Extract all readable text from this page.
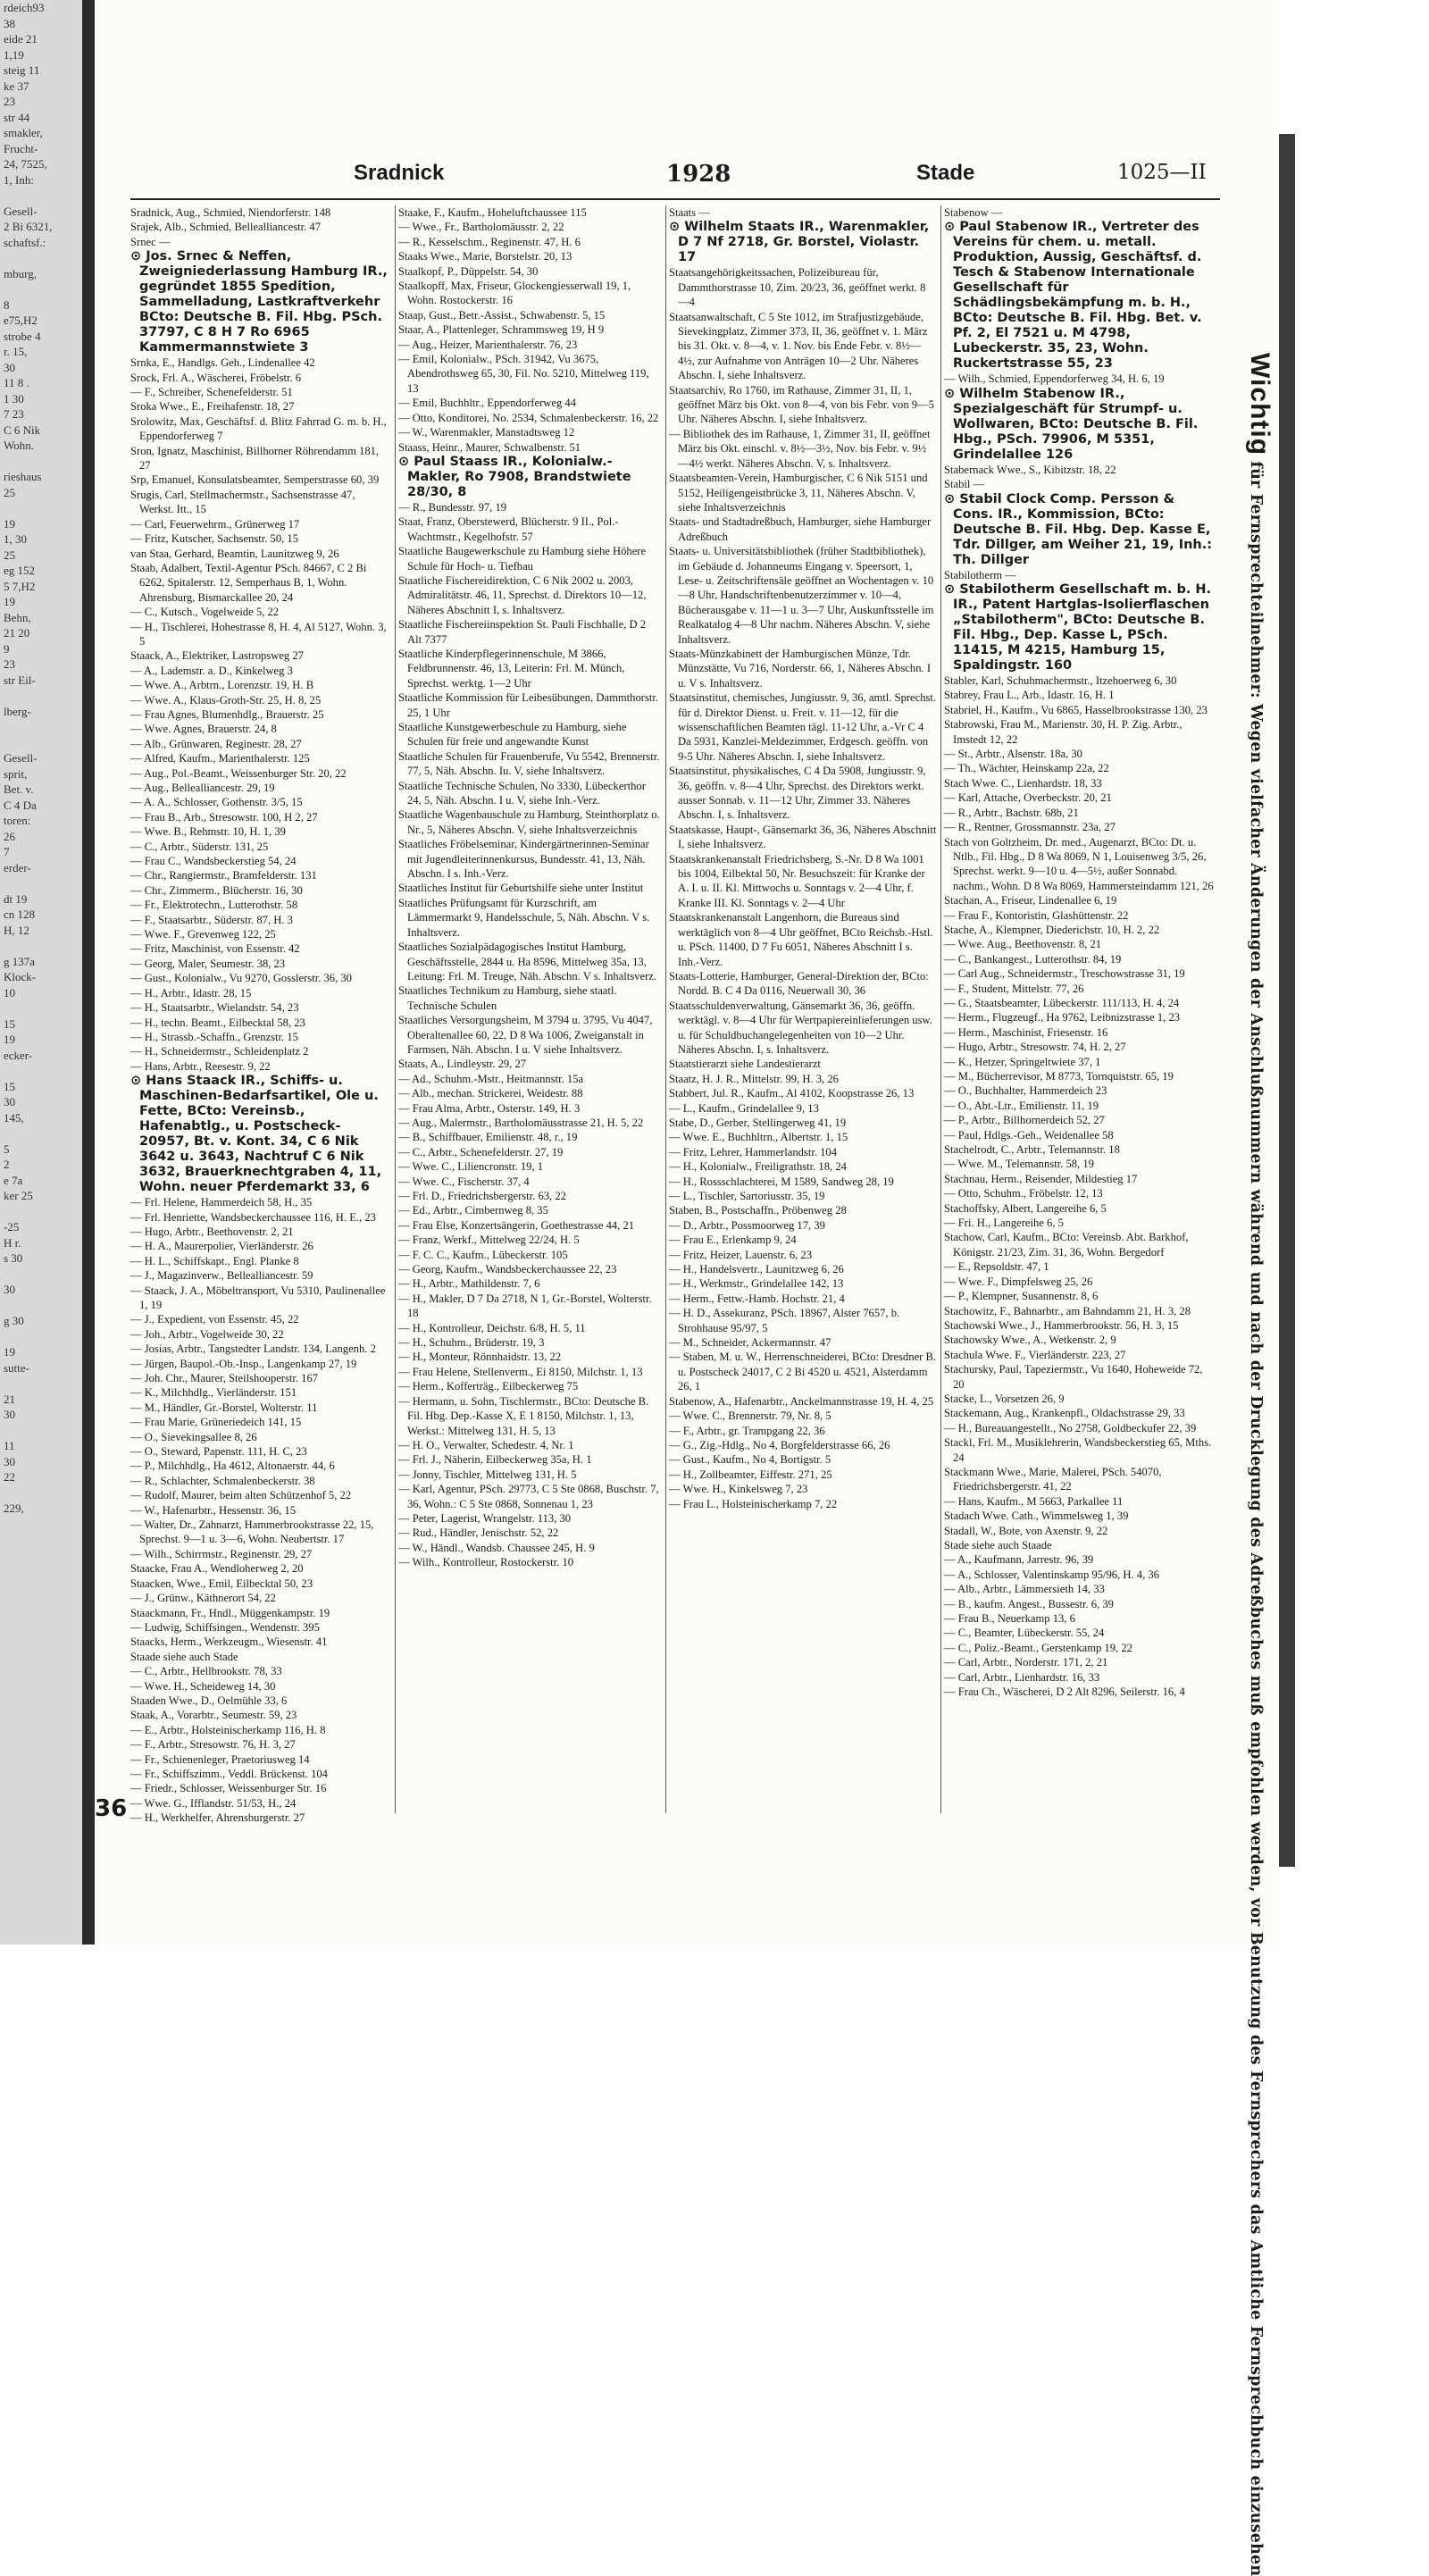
rdeich93
38
eide 21
1,19
steig 11
ke 37
23
str 44
smakler,
Frucht-
24, 7525,
1, Inh:

Gesell-
2 Bi 6321,
schaftsf.:

mburg,

8
e75,H2
strobe 4
r. 15,
30
11 8 .
1 30
7 23
C 6 Nik
Wohn.

rieshaus
25

19
1, 30
25
eg 152
5 7,H2
19
Behn,
21 20
9
23
str Eil-

lberg-

Gesell-
sprit,
Bet. v.
C 4 Da
toren:
26
7
erder-

dt 19
cn 128
H, 12

g 137a
Klock-
10

15
19
ecker-

15
30
145,

5
2
e 7a
ker 25

-25
H r.
s 30

30

g 30

19
sutte-

21
30

11
30
22

229,
Sradnick	1928	Stade	1025—II

Sradnick, Aug., Schmied, Niendorferstr. 148

Srajek, Alb., Schmied, Bellealliancestr. 47

Srnec —

⊙ Jos. Srnec & Neffen, Zweigniederlassung Hamburg IR., gegründet 1855 Spedition, Sammelladung, Lastkraftverkehr BCto: Deutsche B. Fil. Hbg. PSch. 37797, C 8 H 7 Ro 6965 Kammermannstwiete 3

Srnka, E., Handlgs. Geh., Lindenallee 42

Srock, Frl. A., Wäscherei, Fröbelstr. 6

— F., Schreiber, Schenefelderstr. 51

Sroka Wwe., E., Freihafenstr. 18, 27

Srolowitz, Max, Geschäftsf. d. Blitz Fahrrad G. m. b. H., Eppendorferweg 7

Sron, Ignatz, Maschinist, Billhorner Röhrendamm 181, 27

Srp, Emanuel, Konsulatsbeamter, Semperstrasse 60, 39

Srugis, Carl, Stellmachermstr., Sachsenstrasse 47, Werkst. Itt., 15

— Carl, Feuerwehrm., Grünerweg 17

— Fritz, Kutscher, Sachsenstr. 50, 15

van Staa, Gerhard, Beamtin, Launitzweg 9, 26

Staab, Adalbert, Textil-Agentur PSch. 84667, C 2 Bi 6262, Spitalerstr. 12, Semperhaus B, 1, Wohn. Ahrensburg, Bismarckallee 20, 24

— C., Kutsch., Vogelweide 5, 22

— H., Tischlerei, Hohestrasse 8, H. 4, Al 5127, Wohn. 3, 5

Staack, A., Elektriker, Lastropsweg 27

— A., Lademstr. a. D., Kinkelweg 3

— Wwe. A., Arbtrn., Lorenzstr. 19, H. B

— Wwe. A., Klaus-Groth-Str. 25, H. 8, 25

— Frau Agnes, Blumenhdlg., Brauerstr. 25

— Wwe. Agnes, Brauerstr. 24, 8

— Alb., Grünwaren, Reginestr. 28, 27

— Alfred, Kaufm., Marienthalerstr. 125

— Aug., Pol.-Beamt., Weissenburger Str. 20, 22

— Aug., Bellealliancestr. 29, 19

— A. A., Schlosser, Gothenstr. 3/5, 15

— Frau B., Arb., Stresowstr. 100, H 2, 27

— Wwe. B., Rehmstr. 10, H. 1, 39

— C., Arbtr., Süderstr. 131, 25

— Frau C., Wandsbeckerstieg 54, 24

— Chr., Rangiermstr., Bramfelderstr. 131

— Chr., Zimmerm., Blücherstr. 16, 30

— Fr., Elektrotechn., Lutterothstr. 58

— F., Staatsarbtr., Süderstr. 87, H. 3

— Wwe. F., Grevenweg 122, 25

— Fritz, Maschinist, von Essenstr. 42

— Georg, Maler, Seumestr. 38, 23

— Gust., Kolonialw., Vu 9270, Gosslerstr. 36, 30

— H., Arbtr., Idastr. 28, 15

— H., Staatsarbtr., Wielandstr. 54, 23

— H., techn. Beamt., Eilbecktal 58, 23

— H., Strassb.-Schaffn., Grenzstr. 15

— H., Schneidermstr., Schleidenplatz 2

— Hans, Arbtr., Reesestr. 9, 22

⊙ Hans Staack IR., Schiffs- u. Maschinen-Bedarfsartikel, Ole u. Fette, BCto: Vereinsb., Hafenabtlg., u. Postscheck- 20957, Bt. v. Kont. 34, C 6 Nik 3642 u. 3643, Nachtruf C 6 Nik 3632, Brauerknechtgraben 4, 11, Wohn. neuer Pferdemarkt 33, 6

— Frl. Helene, Hammerdeich 58, H., 35

— Frl. Henriette, Wandsbeckerchaussee 116, H. E., 23

— Hugo, Arbtr., Beethovenstr. 2, 21

— H. A., Maurerpolier, Vierländerstr. 26

— H. L., Schiffskapt., Engl. Planke 8

— J., Magazinverw., Bellealliancestr. 59

— Staack, J. A., Möbeltransport, Vu 5310, Paulinenallee 1, 19

— J., Expedient, von Essenstr. 45, 22

— Joh., Arbtr., Vogelweide 30, 22

— Josias, Arbtr., Tangstedter Landstr. 134, Langenh. 2

— Jürgen, Baupol.-Ob.-Insp., Langenkamp 27, 19

— Joh. Chr., Maurer, Steilshooperstr. 167

— K., Milchhdlg., Vierländerstr. 151

— M., Händler, Gr.-Borstel, Wolterstr. 11

— Frau Marie, Grüneriedeich 141, 15

— O., Sievekingsallee 8, 26

— O., Steward, Papenstr. 111, H. C, 23

— P., Milchhdlg., Ha 4612, Altonaerstr. 44, 6

— R., Schlachter, Schmalenbeckerstr. 38

— Rudolf, Maurer, beim alten Schützenhof 5, 22

— W., Hafenarbtr., Hessenstr. 36, 15

— Walter, Dr., Zahnarzt, Hammerbrookstrasse 22, 15, Sprechst. 9—1 u. 3—6, Wohn. Neubertstr. 17

— Wilh., Schirrmstr., Reginenstr. 29, 27

Staacke, Frau A., Wendloherweg 2, 20

Staacken, Wwe., Emil, Eilbecktal 50, 23

— J., Grünw., Käthnerort 54, 22

Staackmann, Fr., Hndl., Müggenkampstr. 19

— Ludwig, Schiffsingen., Wendenstr. 395

Staacks, Herm., Werkzeugm., Wiesenstr. 41

Staade siehe auch Stade

— C., Arbtr., Hellbrookstr. 78, 33

— Wwe. H., Scheideweg 14, 30

Staaden Wwe., D., Oelmühle 33, 6

Staak, A., Vorarbtr., Seumestr. 59, 23

— E., Arbtr., Holsteinischerkamp 116, H. 8

— F., Arbtr., Stresowstr. 76, H. 3, 27

— Fr., Schienenleger, Praetoriusweg 14

— Fr., Schiffszimm., Veddl. Brückenst. 104

— Friedr., Schlosser, Weissenburger Str. 16

— Wwe. G., Ifflandstr. 51/53, H., 24

— H., Werkhelfer, Ahrensburgerstr. 27

Staake, F., Kaufm., Hoheluftchaussee 115

— Wwe., Fr., Bartholomäusstr. 2, 22

— R., Kesselschm., Reginenstr. 47, H. 6

Staaks Wwe., Marie, Borstelstr. 20, 13

Staalkopf, P., Düppelstr. 54, 30

Staalkopff, Max, Friseur, Glockengiesserwall 19, 1, Wohn. Rostockerstr. 16

Staap, Gust., Betr.-Assist., Schwabenstr. 5, 15

Staar, A., Plattenleger, Schrammsweg 19, H 9

— Aug., Heizer, Marienthalerstr. 76, 23

— Emil, Kolonialw., PSch. 31942, Vu 3675, Abendrothsweg 65, 30, Fil. No. 5210, Mittelweg 119, 13

— Emil, Buchhltr., Eppendorferweg 44

— Otto, Konditorei, No. 2534, Schmalenbeckerstr. 16, 22

— W., Warenmakler, Manstadtsweg 12

Staass, Heinr., Maurer, Schwalbenstr. 51

⊙ Paul Staass IR., Kolonialw.-Makler, Ro 7908, Brandstwiete 28/30, 8

— R., Bundesstr. 97, 19

Staat, Franz, Oberstewerd, Blücherstr. 9 II., Pol.-Wachtmstr., Kegelhofstr. 57

Staatliche Baugewerkschule zu Hamburg siehe Höhere Schule für Hoch- u. Tiefbau

Staatliche Fischereidirektion, C 6 Nik 2002 u. 2003, Admiralitätstr. 46, 11, Sprechst. d. Direktors 10—12, Näheres Abschnitt I, s. Inhaltsverz.

Staatliche Fischereiinspektion St. Pauli Fischhalle, D 2 Alt 7377

Staatliche Kinderpflegerinnenschule, M 3866, Feldbrunnenstr. 46, 13, Leiterin: Frl. M. Münch, Sprechst. werktg. 1—2 Uhr

Staatliche Kommission für Leibesübungen, Dammthorstr. 25, 1 Uhr

Staatliche Kunstgewerbeschule zu Hamburg, siehe Schulen für freie und angewandte Kunst

Staatliche Schulen für Frauenberufe, Vu 5542, Brennerstr. 77, 5, Näh. Abschn. Iu. V, siehe Inhaltsverz.

Staatliche Technische Schulen, No 3330, Lübeckerthor 24, 5, Näh. Abschn. I u. V, siehe Inh.-Verz.

Staatliche Wagenbauschule zu Hamburg, Steinthorplatz o. Nr., 5, Näheres Abschn. V, siehe Inhaltsverzeichnis

Staatliches Fröbelseminar, Kindergärtnerinnen-Seminar mit Jugendleiterinnenkursus, Bundesstr. 41, 13, Näh. Abschn. I s. Inh.-Verz.

Staatliches Institut für Geburtshilfe siehe unter Institut

Staatliches Prüfungsamt für Kurzschrift, am Lämmermarkt 9, Handelsschule, 5, Näh. Abschn. V s. Inhaltsverz.

Staatliches Sozialpädagogisches Institut Hamburg, Geschäftsstelle, 2844 u. Ha 8596, Mittelweg 35a, 13, Leitung: Frl. M. Treuge, Näh. Abschn. V s. Inhaltsverz.

Staatliches Technikum zu Hamburg, siehe staatl. Technische Schulen

Staatliches Versorgungsheim, M 3794 u. 3795, Vu 4047, Oberaltenallee 60, 22, D 8 Wa 1006, Zweiganstalt in Farmsen, Näh. Abschn. I u. V siehe Inhaltsverz.

Staats, A., Lindleystr. 29, 27

— Ad., Schuhm.-Mstr., Heitmannstr. 15a

— Alb., mechan. Strickerei, Weidestr. 88

— Frau Alma, Arbtr., Osterstr. 149, H. 3

— Aug., Malermstr., Bartholomäusstrasse 21, H. 5, 22

— B., Schiffbauer, Emilienstr. 48, r., 19

— C., Arbtr., Schenefelderstr. 27, 19

— Wwe. C., Liliencronstr. 19, 1

— Wwe. C., Fischerstr. 37, 4

— Frl. D., Friedrichsbergerstr. 63, 22

— Ed., Arbtr., Cimbernweg 8, 35

— Frau Else, Konzertsängerin, Goethestrasse 44, 21

— Franz, Werkf., Mittelweg 22/24, H. 5

— F. C. C., Kaufm., Lübeckerstr. 105

— Georg, Kaufm., Wandsbeckerchaussee 22, 23

— H., Arbtr., Mathildenstr. 7, 6

— H., Makler, D 7 Da 2718, N 1, Gr.-Borstel, Wolterstr. 18

— H., Kontrolleur, Deichstr. 6/8, H. 5, 11

— H., Schuhm., Brüderstr. 19, 3

— H., Monteur, Rönnhaidstr. 13, 22

— Frau Helene, Stellenverm., Ei 8150, Milchstr. 1, 13

— Herm., Kofferträg., Eilbeckerweg 75

— Hermann, u. Sohn, Tischlermstr., BCto: Deutsche B. Fil. Hbg. Dep.-Kasse X, E 1 8150, Milchstr. 1, 13, Werkst.: Mittelweg 131, H. 5, 13

— H. O., Verwalter, Schedestr. 4, Nr. 1

— Frl. J., Näherin, Eilbeckerweg 35a, H. 1

— Jonny, Tischler, Mittelweg 131, H. 5

— Karl, Agentur, PSch. 29773, C 5 Ste 0868, Buschstr. 7, 36, Wohn.: C 5 Ste 0868, Sonnenau 1, 23

— Peter, Lagerist, Wrangelstr. 113, 30

— Rud., Händler, Jenischstr. 52, 22

— W., Händl., Wandsb. Chaussee 245, H. 9

— Wilh., Kontrolleur, Rostockerstr. 10

Staats —

⊙ Wilhelm Staats IR., Warenmakler, D 7 Nf 2718, Gr. Borstel, Violastr. 17

Staatsangehörigkeitssachen, Polizeibureau für, Dammthorstrasse 10, Zim. 20/23, 36, geöffnet werkt. 8—4

Staatsanwaltschaft, C 5 Ste 1012, im Strafjustizgebäude, Sievekingplatz, Zimmer 373, II, 36, geöffnet v. 1. März bis 31. Okt. v. 8—4, v. 1. Nov. bis Ende Febr. v. 8½—4½, zur Aufnahme von Anträgen 10—2 Uhr. Näheres Abschn. I, siehe Inhaltsverz.

Staatsarchiv, Ro 1760, im Rathause, Zimmer 31, II, 1, geöffnet März bis Okt. von 8—4, von bis Febr. von 9—5 Uhr. Näheres Abschn. I, siehe Inhaltsverz.

— Bibliothek des im Rathause, 1, Zimmer 31, II, geöffnet März bis Okt. einschl. v. 8½—3½, Nov. bis Febr. v. 9½—4½ werkt. Näheres Abschn. V, s. Inhaltsverz.

Staatsbeamten-Verein, Hamburgischer, C 6 Nik 5151 und 5152, Heiligengeistbrücke 3, 11, Näheres Abschn. V, siehe Inhaltsverzeichnis

Staats- und Stadtadreßbuch, Hamburger, siehe Hamburger Adreßbuch

Staats- u. Universitätsbibliothek (früher Stadtbibliothek), im Gebäude d. Johanneums Eingang v. Speersort, 1, Lese- u. Zeitschriftensäle geöffnet an Wochentagen v. 10—8 Uhr, Handschriftenbenutzerzimmer v. 10—4, Bücherausgabe v. 11—1 u. 3—7 Uhr, Auskunftsstelle im Realkatalog 4—8 Uhr nachm. Näheres Abschn. V, siehe Inhaltsverz.

Staats-Münzkabinett der Hamburgischen Münze, Tdr. Münzstätte, Vu 716, Norderstr. 66, 1, Näheres Abschn. I u. V s. Inhaltsverz.

Staatsinstitut, chemisches, Jungiusstr. 9, 36, amtl. Sprechst. für d. Direktor Dienst. u. Freit. v. 11—12, für die wissenschaftlichen Beamten tägl. 11-12 Uhr, a.-Vr C 4 Da 5931, Kanzlei-Meldezimmer, Erdgesch. geöffn. von 9-5 Uhr. Näheres Abschn. I, siehe Inhaltsverz.

Staatsinstitut, physikalisches, C 4 Da 5908, Jungiusstr. 9, 36, geöffn. v. 8—4 Uhr, Sprechst. des Direktors werkt. ausser Sonnab. v. 11—12 Uhr, Zimmer 33. Näheres Abschn. I, s. Inhaltsverz.

Staatskasse, Haupt-, Gänsemarkt 36, 36, Näheres Abschnitt I, siehe Inhaltsverz.

Staatskrankenanstalt Friedrichsberg, S.-Nr. D 8 Wa 1001 bis 1004, Eilbektal 50, Nr. Besuchszeit: für Kranke der A. I. u. II. Kl. Mittwochs u. Sonntags v. 2—4 Uhr, f. Kranke III. Kl. Sonntags v. 2—4 Uhr

Staatskrankenanstalt Langenhorn, die Bureaus sind werktäglich von 8—4 Uhr geöffnet, BCto Reichsb.-Hstl. u. PSch. 11400, D 7 Fu 6051, Näheres Abschnitt I s. Inh.-Verz.

Staats-Lotterie, Hamburger, General-Direktion der, BCto: Nordd. B. C 4 Da 0116, Neuerwall 30, 36

Staatsschuldenverwaltung, Gänsemarkt 36, 36, geöffn. werktägl. v. 8—4 Uhr für Wertpapiereinlieferungen usw. u. für Schuldbuchangelegenheiten von 10—2 Uhr. Näheres Abschn. I, s. Inhaltsverz.

Staatstierarzt siehe Landestierarzt

Staatz, H. J. R., Mittelstr. 99, H. 3, 26

Stabbert, Jul. R., Kaufm., Al 4102, Koopstrasse 26, 13

— L., Kaufm., Grindelallee 9, 13

Stabe, D., Gerber, Stellingerweg 41, 19

— Wwe. E., Buchhltrn., Albertstr. 1, 15

— Fritz, Lehrer, Hammerlandstr. 104

— H., Kolonialw., Freiligrathstr. 18, 24

— H., Rossschlachterei, M 1589, Sandweg 28, 19

— L., Tischler, Sartoriusstr. 35, 19

Staben, B., Postschaffn., Pröbenweg 28

— D., Arbtr., Possmoorweg 17, 39

— Frau E., Erlenkamp 9, 24

— Fritz, Heizer, Lauenstr. 6, 23

— H., Handelsvertr., Launitzweg 6, 26

— H., Werkmstr., Grindelallee 142, 13

— Herm., Fettw.-Hamb. Hochstr. 21, 4

— H. D., Assekuranz, PSch. 18967, Alster 7657, b. Strohhause 95/97, 5

— M., Schneider, Ackermannstr. 47

— Staben, M. u. W., Herrenschneiderei, BCto: Dresdner B. u. Postscheck 24017, C 2 Bi 4520 u. 4521, Alsterdamm 26, 1

Stabenow, A., Hafenarbtr., Anckelmannstrasse 19, H. 4, 25

— Wwe. C., Brennerstr. 79, Nr. 8, 5

— F., Arbtr., gr. Trampgang 22, 36

— G., Zig.-Hdlg., No 4, Borgfelderstrasse 66, 26

— Gust., Kaufm., No 4, Bortigstr. 5

— H., Zollbeamter, Eiffestr. 271, 25

— Wwe. H., Kinkelsweg 7, 23

— Frau L., Holsteinischerkamp 7, 22

Stabenow —

⊙ Paul Stabenow IR., Vertreter des Vereins für chem. u. metall. Produktion, Aussig, Geschäftsf. d. Tesch & Stabenow Internationale Gesellschaft für Schädlingsbekämpfung m. b. H., BCto: Deutsche B. Fil. Hbg. Bet. v. Pf. 2, El 7521 u. M 4798, Lubeckerstr. 35, 23, Wohn. Ruckertstrasse 55, 23

— Wilh., Schmied, Eppendorferweg 34, H. 6, 19

⊙ Wilhelm Stabenow IR., Spezialgeschäft für Strumpf- u. Wollwaren, BCto: Deutsche B. Fil. Hbg., PSch. 79906, M 5351, Grindelallee 126

Stabernack Wwe., S., Kibitzstr. 18, 22

Stabil —

⊙ Stabil Clock Comp. Persson & Cons. IR., Kommission, BCto: Deutsche B. Fil. Hbg. Dep. Kasse E, Tdr. Dillger, am Weiher 21, 19, Inh.: Th. Dillger

Stabilotherm —

⊙ Stabilotherm Gesellschaft m. b. H. IR., Patent Hartglas-Isolierflaschen „Stabilotherm", BCto: Deutsche B. Fil. Hbg., Dep. Kasse L, PSch. 11415, M 4215, Hamburg 15, Spaldingstr. 160

Stabler, Karl, Schuhmachermstr., Itzehoerweg 6, 30

Stabrey, Frau L., Arb., Idastr. 16, H. 1

Stabriel, H., Kaufm., Vu 6865, Hasselbrookstrasse 130, 23

Stabrowski, Frau M., Marienstr. 30, H. P. Zig. Arbtr., Imstedt 12, 22

— St., Arbtr., Alsenstr. 18a, 30

— Th., Wächter, Heinskamp 22a, 22

Stach Wwe. C., Lienhardstr. 18, 33

— Karl, Attache, Overbeckstr. 20, 21

— R., Arbtr., Bachstr. 68b, 21

— R., Rentner, Grossmannstr. 23a, 27

Stach von Goltzheim, Dr. med., Augenarzt, BCto: Dt. u. Ntlb., Fil. Hbg., D 8 Wa 8069, N 1, Louisenweg 3/5, 26, Sprechst. werkt. 9—10 u. 4—5½, außer Sonnabd. nachm., Wohn. D 8 Wa 8069, Hammersteindamm 121, 26

Stachan, A., Friseur, Lindenallee 6, 19

— Frau F., Kontoristin, Glashüttenstr. 22

Stache, A., Klempner, Diederichstr. 10, H. 2, 22

— Wwe. Aug., Beethovenstr. 8, 21

— C., Bankangest., Lutterothstr. 84, 19

— Carl Aug., Schneidermstr., Treschowstrasse 31, 19

— F., Student, Mittelstr. 77, 26

— G., Staatsbeamter, Lübeckerstr. 111/113, H. 4, 24

— Herm., Flugzeugf., Ha 9762, Leibnizstrasse 1, 23

— Herm., Maschinist, Friesenstr. 16

— Hugo, Arbtr., Stresowstr. 74, H. 2, 27

— K., Hetzer, Springeltwiete 37, 1

— M., Bücherrevisor, M 8773, Tornquiststr. 65, 19

— O., Buchhalter, Hammerdeich 23

— O., Abt.-Ltr., Emilienstr. 11, 19

— P., Arbtr., Billhornerdeich 52, 27

— Paul, Hdlgs.-Geh., Weidenallee 58

Stachelrodt, C., Arbtr., Telemannstr. 18

— Wwe. M., Telemannstr. 58, 19

Stachnau, Herm., Reisender, Mildestieg 17

— Otto, Schuhm., Fröbelstr. 12, 13

Stachoffsky, Albert, Langereihe 6, 5

— Fri. H., Langereihe 6, 5

Stachow, Carl, Kaufm., BCto: Vereinsb. Abt. Barkhof, Königstr. 21/23, Zim. 31, 36, Wohn. Bergedorf

— E., Repsoldstr. 47, 1

— Wwe. F., Dimpfelsweg 25, 26

— P., Klempner, Susannenstr. 8, 6

Stachowitz, F., Bahnarbtr., am Bahndamm 21, H. 3, 28

Stachowski Wwe., J., Hammerbrookstr. 56, H. 3, 15

Stachowsky Wwe., A., Wetkenstr. 2, 9

Stachula Wwe. F., Vierländerstr. 223, 27

Stachursky, Paul, Tapeziermstr., Vu 1640, Hoheweide 72, 20

Stacke, L., Vorsetzen 26, 9

Stackemann, Aug., Krankenpfl., Oldachstrasse 29, 33

— H., Bureauangestellt., No 2758, Goldbeckufer 22, 39

Stackl, Frl. M., Musiklehrerin, Wandsbeckerstieg 65, Mths. 24

Stackmann Wwe., Marie, Malerei, PSch. 54070, Friedrichsbergerstr. 41, 22

— Hans, Kaufm., M 5663, Parkallee 11

Stadach Wwe. Cath., Wimmelsweg 1, 39

Stadall, W., Bote, von Axenstr. 9, 22

Stade siehe auch Staade

— A., Kaufmann, Jarrestr. 96, 39

— A., Schlosser, Valentinskamp 95/96, H. 4, 36

— Alb., Arbtr., Lämmersieth 14, 33

— B., kaufm. Angest., Bussestr. 6, 39

— Frau B., Neuerkamp 13, 6

— C., Beamter, Lübeckerstr. 55, 24

— C., Poliz.-Beamt., Gerstenkamp 19, 22

— Carl, Arbtr., Norderstr. 171, 2, 21

— Carl, Arbtr., Lienhardstr. 16, 33

— Frau Ch., Wäscherei, D 2 Alt 8296, Seilerstr. 16, 4

Wichtig für Fernsprechteilnehmer: Wegen vielfacher Änderungen der Anschlußnummern während und nach der Drucklegung des Adreßbuches muß empfohlen werden, vor Benutzung des Fernsprechers das Amtliche Fernsprechbuch einzusehen
36
